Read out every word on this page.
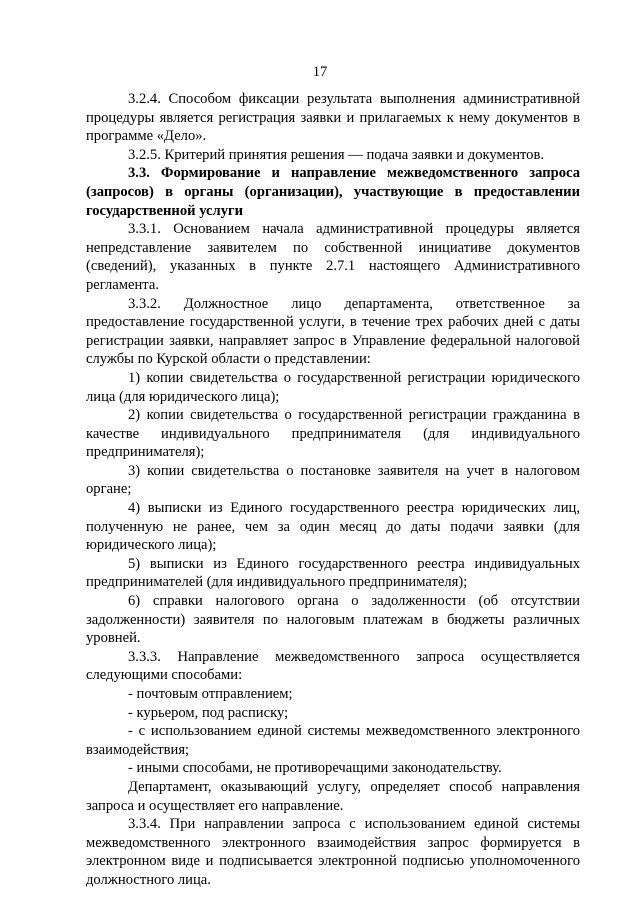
17

3.2.4. Способом фиксации результата выполнения административной процедуры является регистрация заявки и прилагаемых к нему документов в программе «Дело».

3.2.5. Критерий принятия решения — подача заявки и документов.

3.3. Формирование и направление межведомственного запроса (запросов) в органы (организации), участвующие в предоставлении государственной услуги

3.3.1. Основанием начала административной процедуры является непредставление заявителем по собственной инициативе документов (сведений), указанных в пункте 2.7.1 настоящего Административного регламента.

3.3.2. Должностное лицо департамента, ответственное за предоставление государственной услуги, в течение трех рабочих дней с даты регистрации заявки, направляет запрос в Управление федеральной налоговой службы по Курской области о представлении:

1) копии свидетельства о государственной регистрации юридического лица (для юридического лица);

2) копии свидетельства о государственной регистрации гражданина в качестве индивидуального предпринимателя (для индивидуального предпринимателя);

3) копии свидетельства о постановке заявителя на учет в налоговом органе;

4) выписки из Единого государственного реестра юридических лиц, полученную не ранее, чем за один месяц до даты подачи заявки (для юридического лица);

5) выписки из Единого государственного реестра индивидуальных предпринимателей (для индивидуального предпринимателя);

6) справки налогового органа о задолженности (об отсутствии задолженности) заявителя по налоговым платежам в бюджеты различных уровней.

3.3.3. Направление межведомственного запроса осуществляется следующими способами:

- почтовым отправлением;

- курьером, под расписку;

- с использованием единой системы межведомственного электронного взаимодействия;

- иными способами, не противоречащими законодательству.

Департамент, оказывающий услугу, определяет способ направления запроса и осуществляет его направление.

3.3.4. При направлении запроса с использованием единой системы межведомственного электронного взаимодействия запрос формируется в электронном виде и подписывается электронной подписью уполномоченного должностного лица.
